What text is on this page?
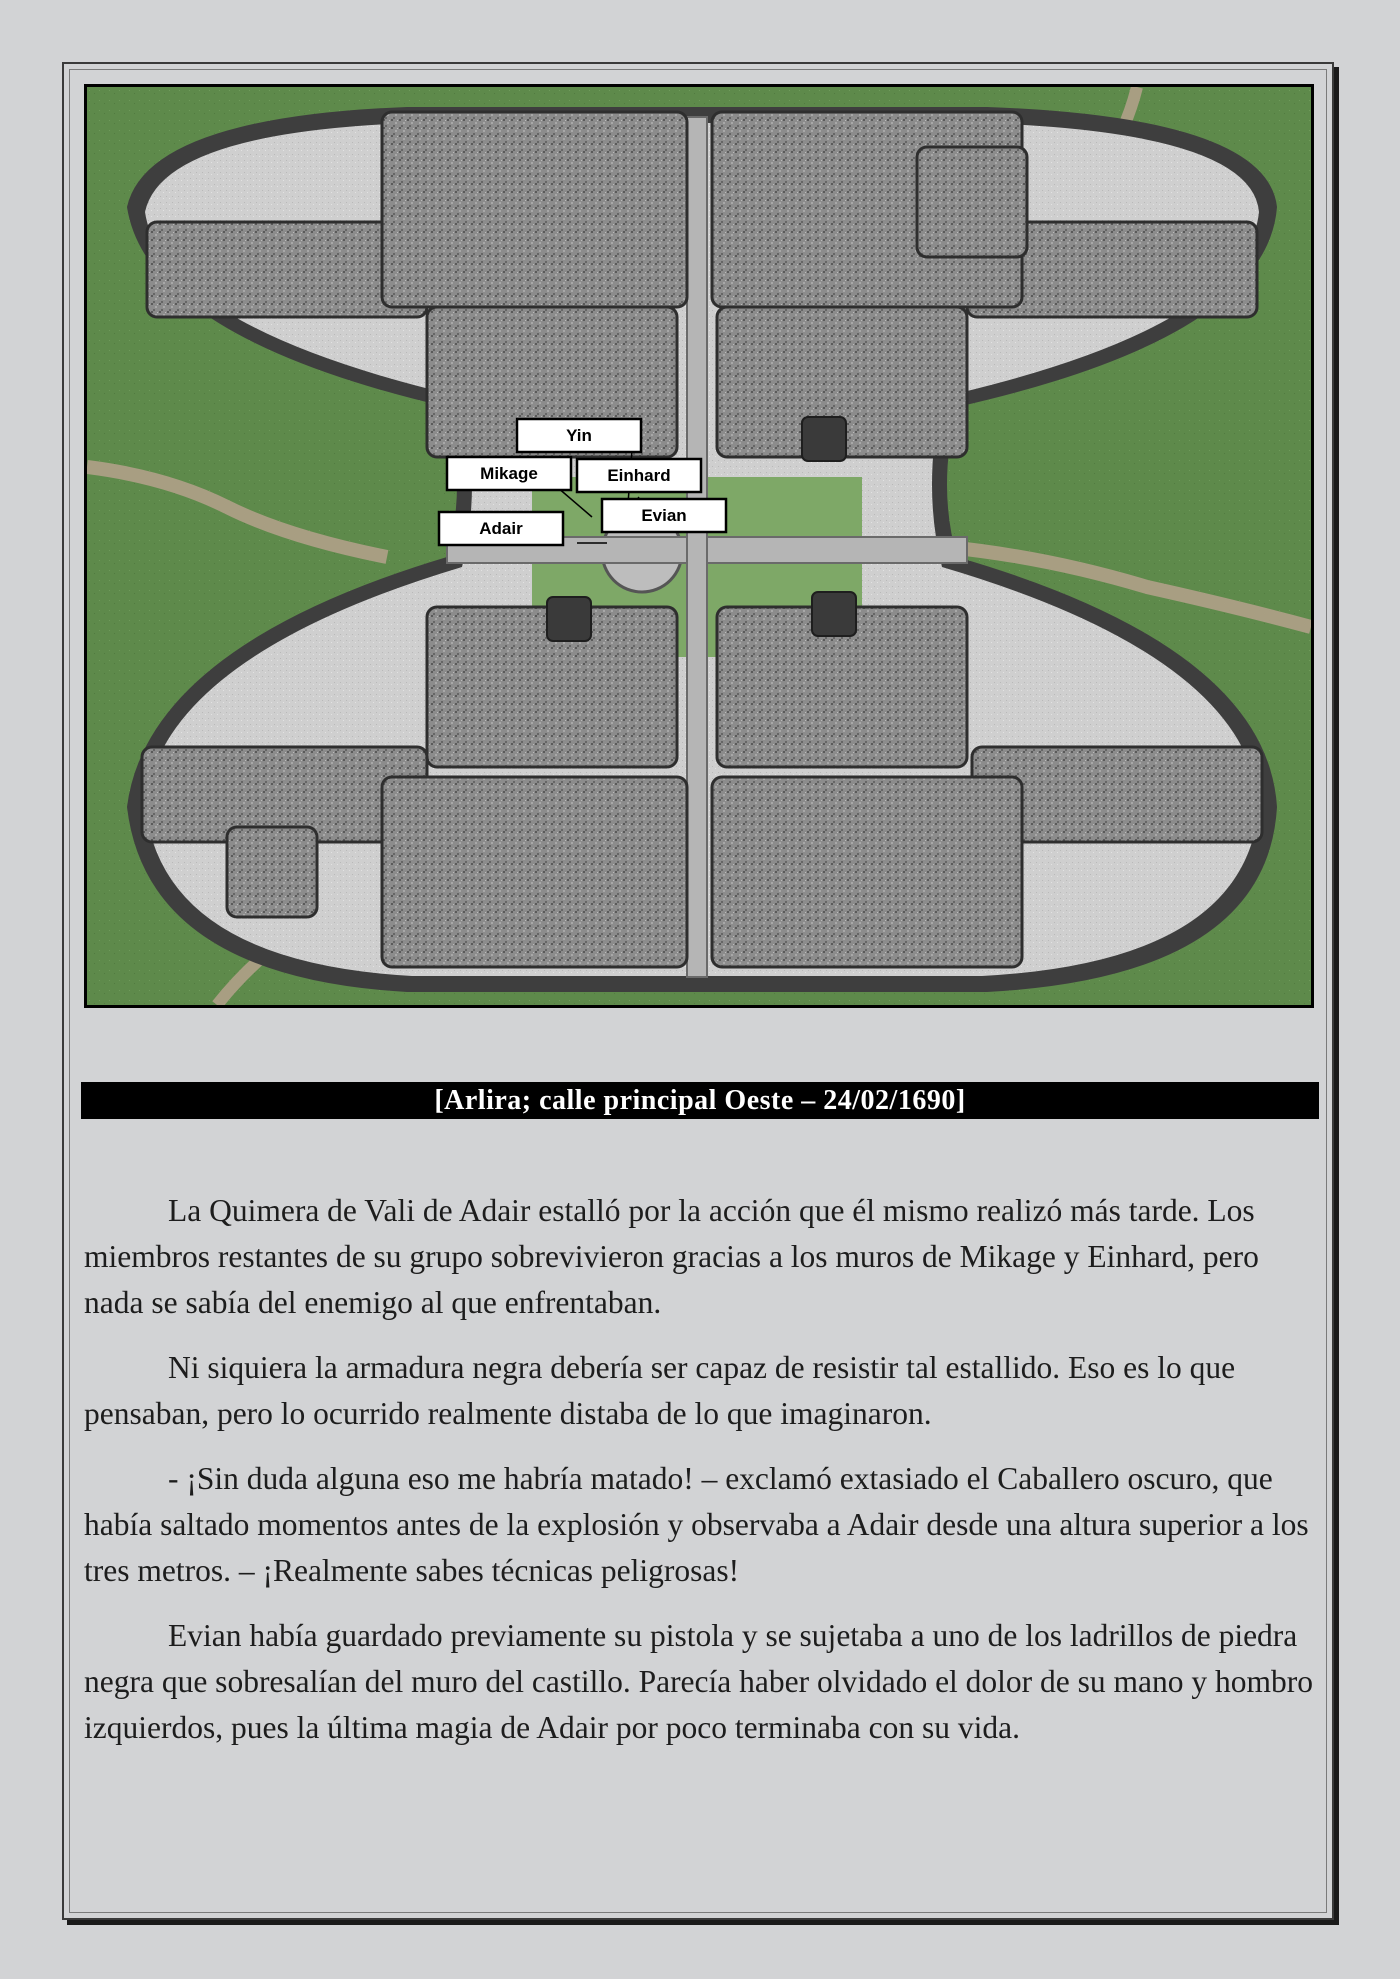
Yin
Mikage	Einhard
Adair
Evian
[Arlira; calle principal Oeste – 24/02/1690]

La Quimera de Vali de Adair estalló por la acción que él mismo realizó más tarde. Los miembros restantes de su grupo sobrevivieron gracias a los muros de Mikage y Einhard, pero nada se sabía del enemigo al que enfrentaban.

Ni siquiera la armadura negra debería ser capaz de resistir tal estallido. Eso es lo que pensaban, pero lo ocurrido realmente distaba de lo que imaginaron.

- ¡Sin duda alguna eso me habría matado! – exclamó extasiado el Caballero oscuro, que había saltado momentos antes de la explosión y observaba a Adair desde una altura superior a los tres metros. – ¡Realmente sabes técnicas peligrosas!

Evian había guardado previamente su pistola y se sujetaba a uno de los ladrillos de piedra negra que sobresalían del muro del castillo. Parecía haber olvidado el dolor de su mano y hombro izquierdos, pues la última magia de Adair por poco terminaba con su vida.
